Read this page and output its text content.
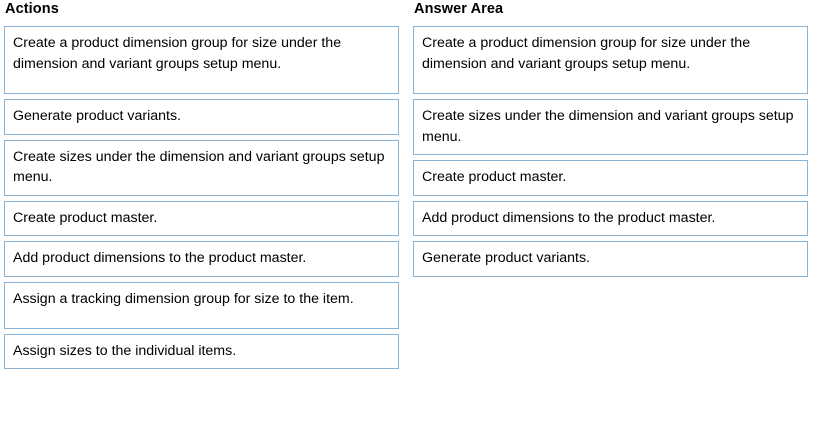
Actions
Create a product dimension group for size under the dimension and variant groups setup menu.
Generate product variants.
Create sizes under the dimension and variant groups setup menu.
Create product master.
Add product dimensions to the product master.
Assign a tracking dimension group for size to the item.
Assign sizes to the individual items.
Answer Area
Create a product dimension group for size under the dimension and variant groups setup menu.
Create sizes under the dimension and variant groups setup menu.
Create product master.
Add product dimensions to the product master.
Generate product variants.
